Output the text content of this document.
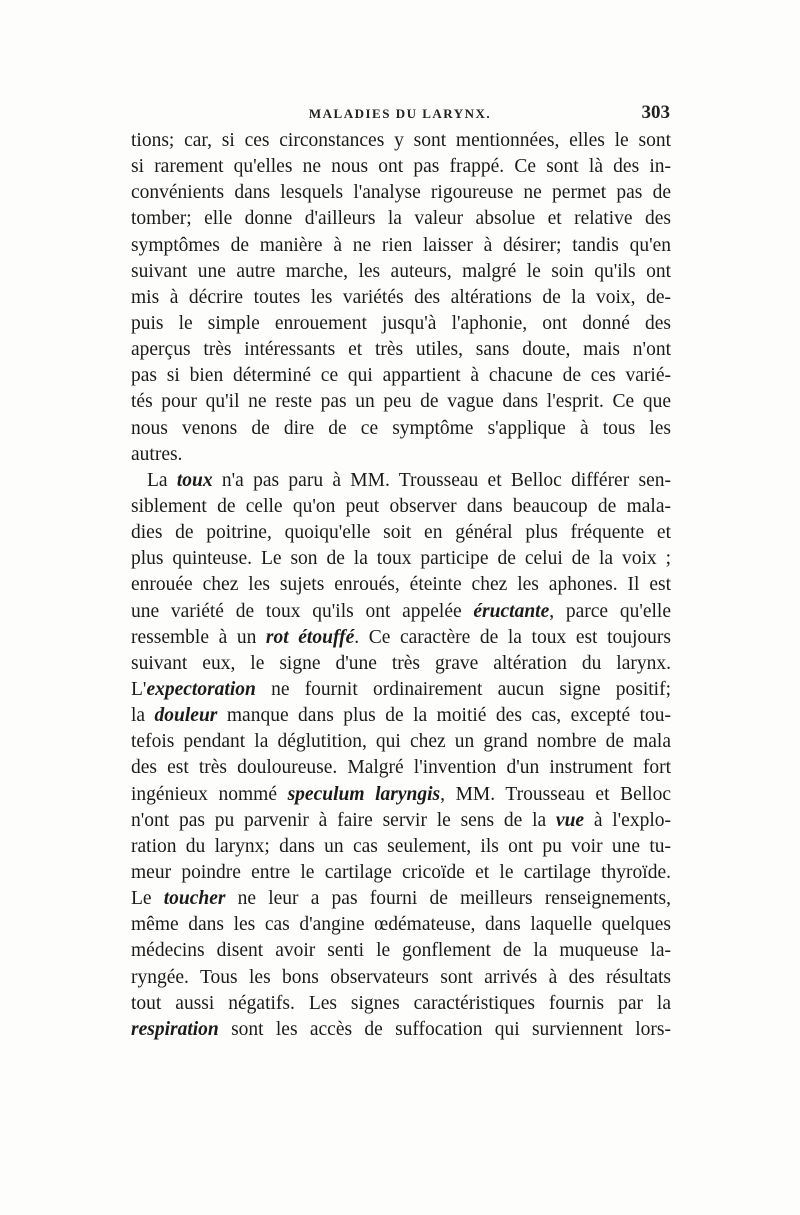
MALADIES DU LARYNX.	303
tions; car, si ces circonstances y sont mentionnées, elles le sont
si rarement qu'elles ne nous ont pas frappé. Ce sont là des in-
convénients dans lesquels l'analyse rigoureuse ne permet pas de
tomber; elle donne d'ailleurs la valeur absolue et relative des
symptômes de manière à ne rien laisser à désirer; tandis qu'en
suivant une autre marche, les auteurs, malgré le soin qu'ils ont
mis à décrire toutes les variétés des altérations de la voix, de-
puis le simple enrouement jusqu'à l'aphonie, ont donné des
aperçus très intéressants et très utiles, sans doute, mais n'ont
pas si bien déterminé ce qui appartient à chacune de ces varié-
tés pour qu'il ne reste pas un peu de vague dans l'esprit. Ce que
nous venons de dire de ce symptôme s'applique à tous les
autres.
La toux n'a pas paru à MM. Trousseau et Belloc différer sen-
siblement de celle qu'on peut observer dans beaucoup de mala-
dies de poitrine, quoiqu'elle soit en général plus fréquente et
plus quinteuse. Le son de la toux participe de celui de la voix ;
enrouée chez les sujets enroués, éteinte chez les aphones. Il est
une variété de toux qu'ils ont appelée éructante, parce qu'elle
ressemble à un rot étouffé. Ce caractère de la toux est toujours
suivant eux, le signe d'une très grave altération du larynx.
L'expectoration ne fournit ordinairement aucun signe positif;
la douleur manque dans plus de la moitié des cas, excepté tou-
tefois pendant la déglutition, qui chez un grand nombre de mala
des est très douloureuse. Malgré l'invention d'un instrument fort
ingénieux nommé speculum laryngis, MM. Trousseau et Belloc
n'ont pas pu parvenir à faire servir le sens de la vue à l'explo-
ration du larynx; dans un cas seulement, ils ont pu voir une tu-
meur poindre entre le cartilage cricoïde et le cartilage thyroïde.
Le toucher ne leur a pas fourni de meilleurs renseignements,
même dans les cas d'angine œdémateuse, dans laquelle quelques
médecins disent avoir senti le gonflement de la muqueuse la-
ryngée. Tous les bons observateurs sont arrivés à des résultats
tout aussi négatifs. Les signes caractéristiques fournis par la
respiration sont les accès de suffocation qui surviennent lors-
